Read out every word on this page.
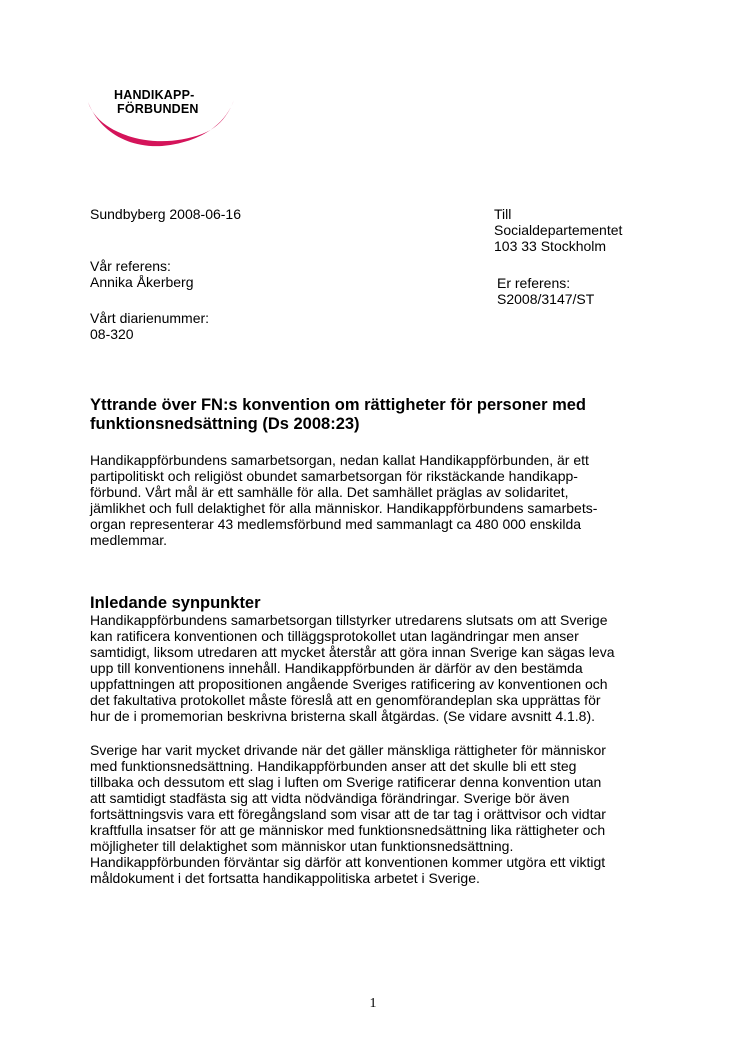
HANDIKAPP-
FÖRBUNDEN
Sundbyberg 2008-06-16
Vår referens:
Annika Åkerberg
Vårt diarienummer:
08-320
Till
Socialdepartementet
103 33 Stockholm
Er referens:
S2008/3147/ST
Yttrande över FN:s konvention om rättigheter för personer med
funktionsnedsättning (Ds 2008:23)
Handikappförbundens samarbetsorgan, nedan kallat Handikappförbunden, är ett
partipolitiskt och religiöst obundet samarbetsorgan för rikstäckande handikapp-
förbund. Vårt mål är ett samhälle för alla. Det samhället präglas av solidaritet,
jämlikhet och full delaktighet för alla människor. Handikappförbundens samarbets-
organ representerar 43 medlemsförbund med sammanlagt ca 480 000 enskilda
medlemmar.
Inledande synpunkter
Handikappförbundens samarbetsorgan tillstyrker utredarens slutsats om att Sverige
kan ratificera konventionen och tilläggsprotokollet utan lagändringar men anser
samtidigt, liksom utredaren att mycket återstår att göra innan Sverige kan sägas leva
upp till konventionens innehåll. Handikappförbunden är därför av den bestämda
uppfattningen att propositionen angående Sveriges ratificering av konventionen och
det fakultativa protokollet måste föreslå att en genomförandeplan ska upprättas för
hur de i promemorian beskrivna bristerna skall åtgärdas. (Se vidare avsnitt 4.1.8).
Sverige har varit mycket drivande när det gäller mänskliga rättigheter för människor
med funktionsnedsättning. Handikappförbunden anser att det skulle bli ett steg
tillbaka och dessutom ett slag i luften om Sverige ratificerar denna konvention utan
att samtidigt stadfästa sig att vidta nödvändiga förändringar. Sverige bör även
fortsättningsvis vara ett föregångsland som visar att de tar tag i orättvisor och vidtar
kraftfulla insatser för att ge människor med funktionsnedsättning lika rättigheter och
möjligheter till delaktighet som människor utan funktionsnedsättning.
Handikappförbunden förväntar sig därför att konventionen kommer utgöra ett viktigt
måldokument i det fortsatta handikappolitiska arbetet i Sverige.
1
